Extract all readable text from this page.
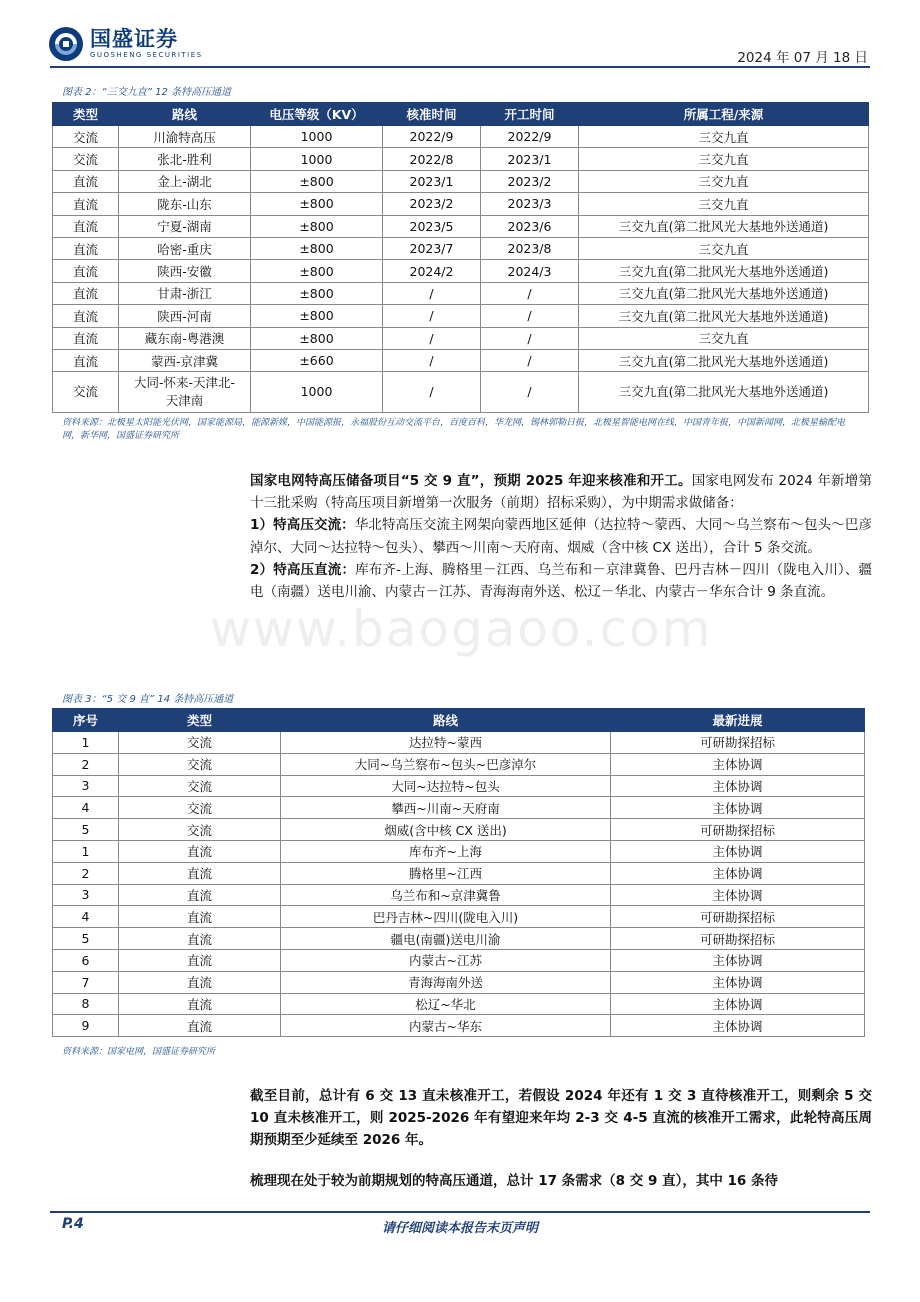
国盛证券
GUOSHENG SECURITIES	2024 年 07 月 18 日
www.baogaoo.com
图表 2：“三交九直” 12 条特高压通道
类型	路线	电压等级（KV）	核准时间	开工时间	所属工程/来源
交流	川渝特高压	1000	2022/9	2022/9	三交九直
交流	张北-胜利	1000	2022/8	2023/1	三交九直
直流	金上-湖北	±800	2023/1	2023/2	三交九直
直流	陇东-山东	±800	2023/2	2023/3	三交九直
直流	宁夏-湖南	±800	2023/5	2023/6	三交九直(第二批风光大基地外送通道)
直流	哈密-重庆	±800	2023/7	2023/8	三交九直
直流	陕西-安徽	±800	2024/2	2024/3	三交九直(第二批风光大基地外送通道)
直流	甘肃-浙江	±800	/	/	三交九直(第二批风光大基地外送通道)
直流	陕西-河南	±800	/	/	三交九直(第二批风光大基地外送通道)
直流	藏东南-粤港澳	±800	/	/	三交九直
直流	蒙西-京津冀	±660	/	/	三交九直(第二批风光大基地外送通道)
交流	大同-怀来-天津北-天津南	1000	/	/	三交九直(第二批风光大基地外送通道)
资料来源：北极星太阳能光伏网，国家能源局，能源新媒，中国能源报，永福股份互动交流平台，百度百科，华龙网，锡林郭勒日报，北极星智能电网在线，中国青年报，中国新闻网，北极星输配电网，新华网，国盛证券研究所
国家电网特高压储备项目“5 交 9 直”，预期 2025 年迎来核准和开工。国家电网发布 2024 年新增第十三批采购（特高压项目新增第一次服务（前期）招标采购），为中期需求做储备：
1）特高压交流：华北特高压交流主网架向蒙西地区延伸（达拉特～蒙西、大同～乌兰察布～包头～巴彦淖尔、大同～达拉特～包头）、攀西～川南～天府南、烟威（含中核 CX 送出），合计 5 条交流。
2）特高压直流：库布齐-上海、腾格里－江西、乌兰布和－京津冀鲁、巴丹吉林－四川（陇电入川）、疆电（南疆）送电川渝、内蒙古－江苏、青海海南外送、松辽－华北、内蒙古－华东合计 9 条直流。
图表 3：“5 交 9 直” 14 条特高压通道
序号	类型	路线	最新进展
1	交流	达拉特~蒙西	可研勘探招标
2	交流	大同~乌兰察布~包头~巴彦淖尔	主体协调
3	交流	大同~达拉特~包头	主体协调
4	交流	攀西~川南~天府南	主体协调
5	交流	烟威(含中核 CX 送出)	可研勘探招标
1	直流	库布齐~上海	主体协调
2	直流	腾格里~江西	主体协调
3	直流	乌兰布和~京津冀鲁	主体协调
4	直流	巴丹吉林~四川(陇电入川)	可研勘探招标
5	直流	疆电(南疆)送电川渝	可研勘探招标
6	直流	内蒙古~江苏	主体协调
7	直流	青海海南外送	主体协调
8	直流	松辽~华北	主体协调
9	直流	内蒙古~华东	主体协调
资料来源：国家电网，国盛证券研究所
截至目前，总计有 6 交 13 直未核准开工，若假设 2024 年还有 1 交 3 直待核准开工，则剩余 5 交 10 直未核准开工，则 2025-2026 年有望迎来年均 2-3 交 4-5 直流的核准开工需求，此轮特高压周期预期至少延续至 2026 年。
梳理现在处于较为前期规划的特高压通道，总计 17 条需求（8 交 9 直），其中 16 条待
P.4	请仔细阅读本报告末页声明
